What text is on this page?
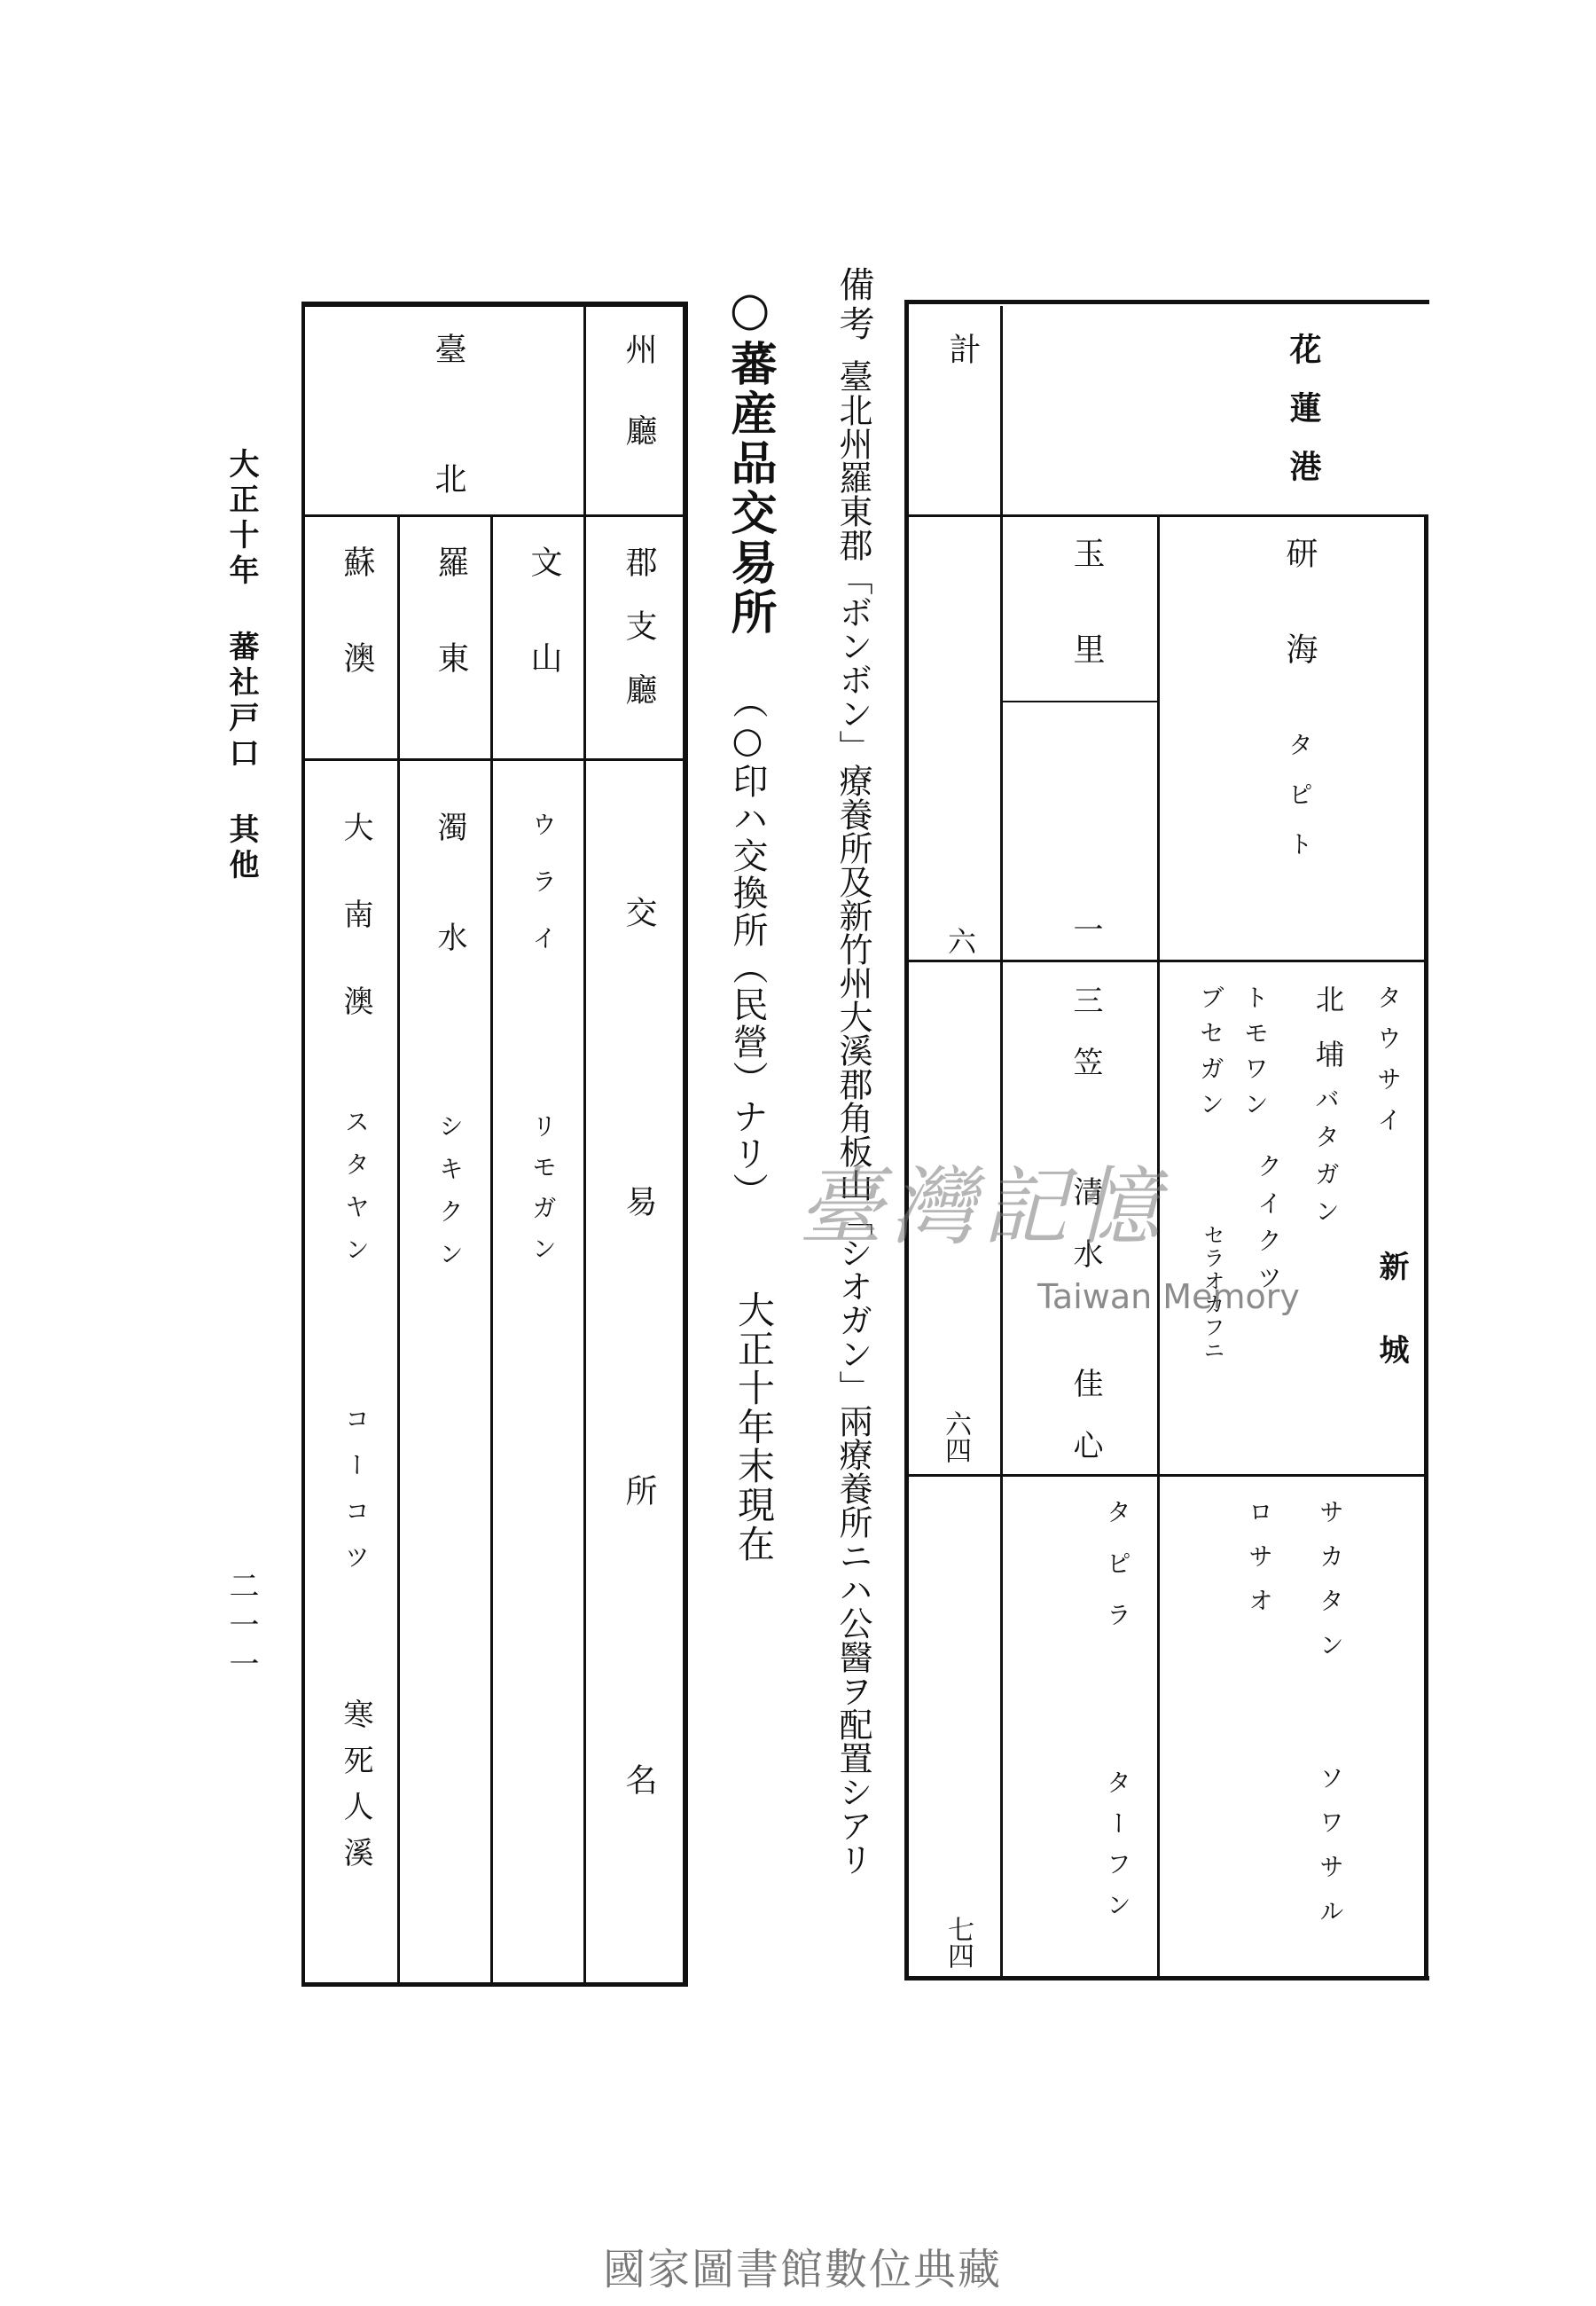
大正十年 蕃社戸口 其他
二一一
州廳
郡支廳
交易所名
臺北
文山
ウライ
リモガン
羅東
濁水
シキクン
蘇澳
大南澳
スタヤン
コーコツ
寒死人溪
○蕃産品交易所
（○印ハ交換所（民營）ナリ）
大正十年末現在
備考
臺北州羅東郡「ボンボン」療養所及新竹州大溪郡角板山「シオガン」兩療養所ニハ公醫ヲ配置シアリ
計	花蓮港
玉里
一
研海
タピト
六
三笠 清水 佳心
タピラ
ターフン
タウサイ
新城
ブセガン トモワン 北埔
バタガン
クイクツ
セラオカフニ
六四
サカタン
ロサオ
ソワサル
七四
臺灣記憶
Taiwan Memory
國家圖書館數位典藏
